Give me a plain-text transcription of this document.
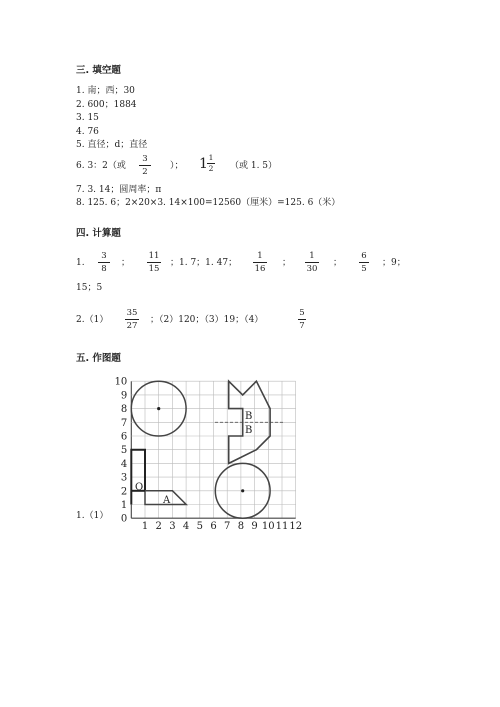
三. 填空题
1. 南；西；30
2. 600；1884
3. 15
4. 76
5. 直径；d；直径
6. 3：2（或
3
2
）； 1 1
2 （或 1. 5）
7. 3. 14；圆周率；π
8. 125. 6；2×20×3. 14×100=12560（厘米）=125. 6（米）
四. 计算题
1.
3
8
；
11
15
；1. 7；1. 47；
1
16
；
1
30
；
6
5
；9；
15；5
2.（1）
35
27
；（2）120；（3）19；（4）
5
7
五. 作图题
1.（1）
10
9
8
7
6
5
4
3
2
1
0
1 2 3 4 5 6 7 8 9 10 11 12
O
A
B
B
